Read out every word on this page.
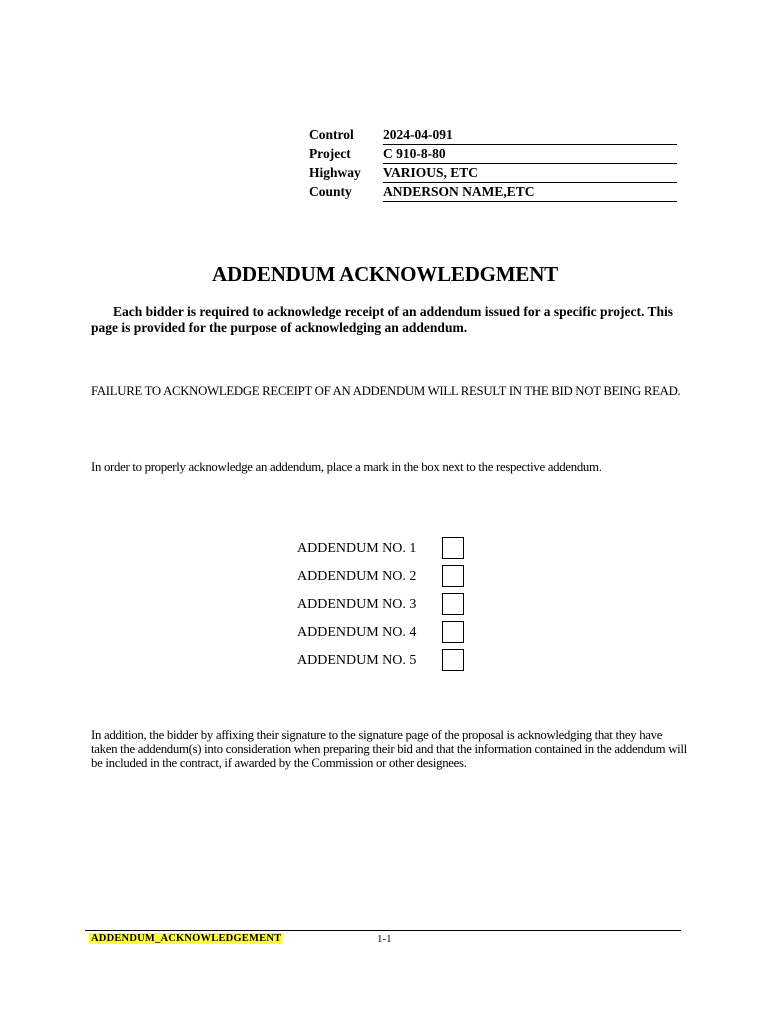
Control 2024-04-091
Project C 910-8-80
Highway VARIOUS, ETC
County ANDERSON NAME,ETC
ADDENDUM ACKNOWLEDGMENT
Each bidder is required to acknowledge receipt of an addendum issued for a specific project. This page is provided for the purpose of acknowledging an addendum.
FAILURE TO ACKNOWLEDGE RECEIPT OF AN ADDENDUM WILL RESULT IN THE BID NOT BEING READ.
In order to properly acknowledge an addendum, place a mark in the box next to the respective addendum.
ADDENDUM NO. 1
ADDENDUM NO. 2
ADDENDUM NO. 3
ADDENDUM NO. 4
ADDENDUM NO. 5
In addition, the bidder by affixing their signature to the signature page of the proposal is acknowledging that they have taken the addendum(s) into consideration when preparing their bid and that the information contained in the addendum will be included in the contract, if awarded by the Commission or other designees.
ADDENDUM_ACKNOWLEDGEMENT	1-1
